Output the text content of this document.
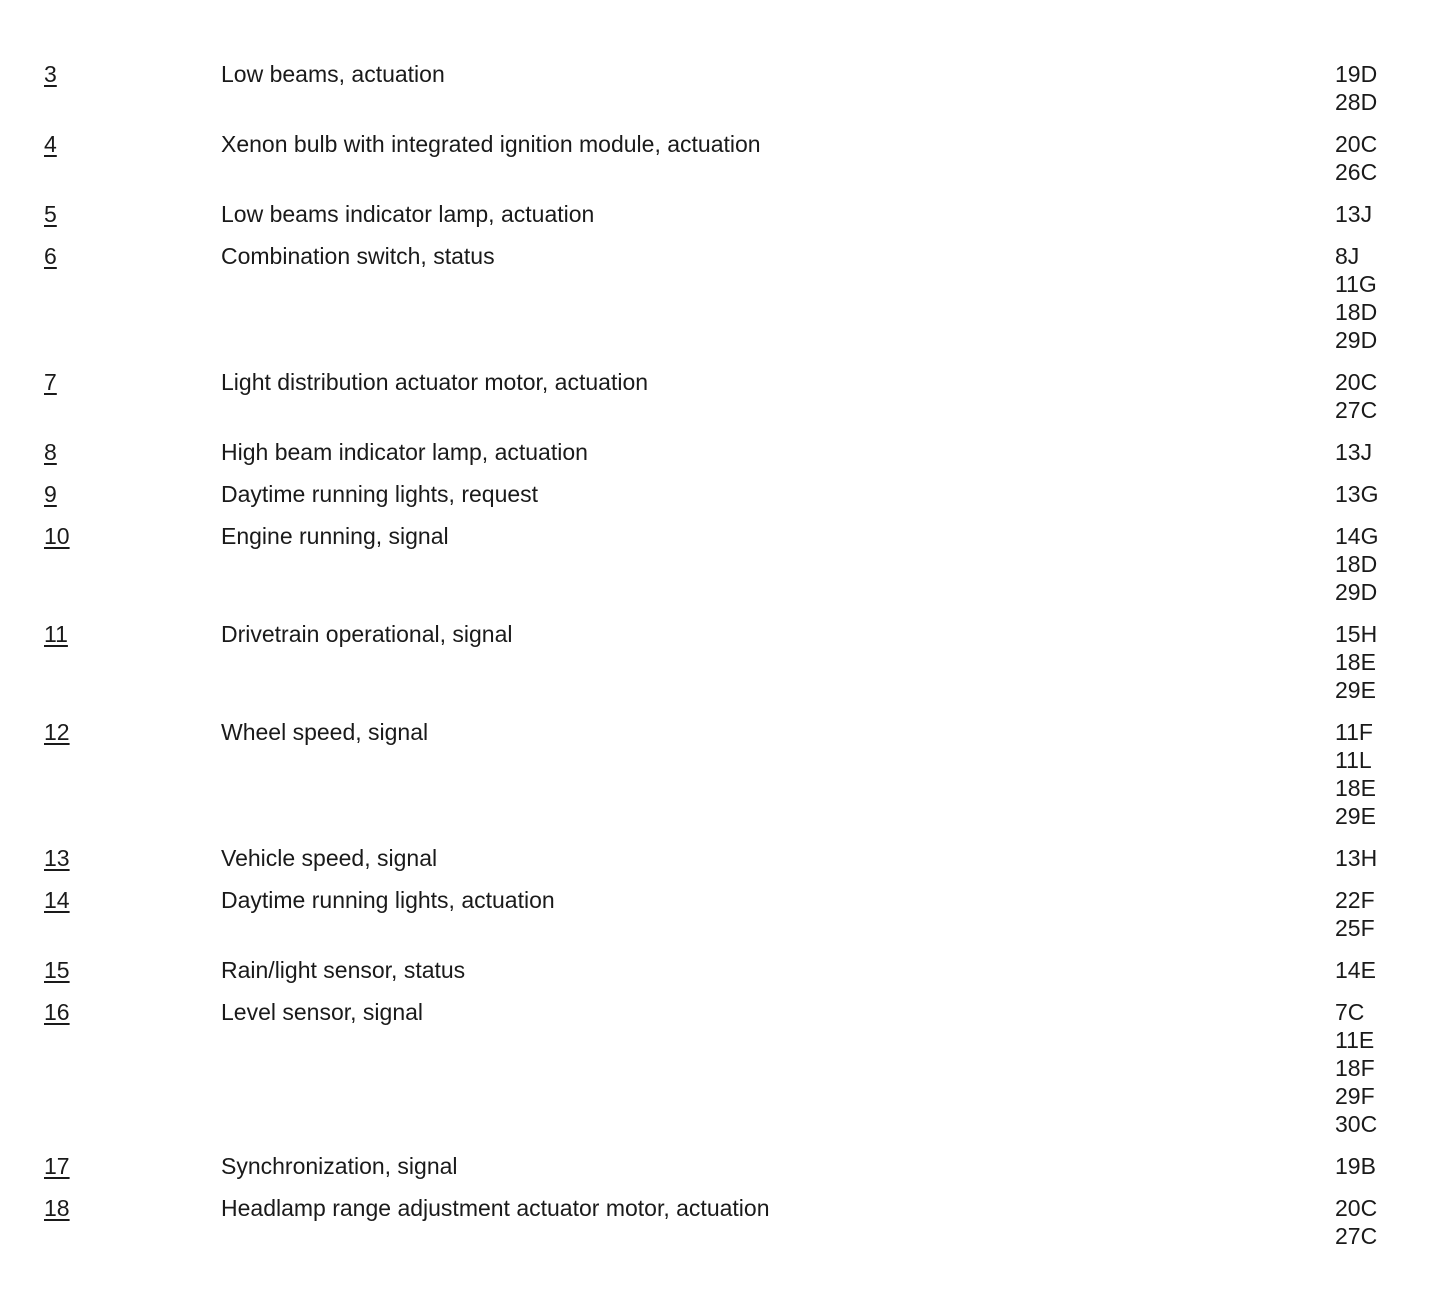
3	Low beams, actuation	19D
28D
4	Xenon bulb with integrated ignition module, actuation	20C
26C
5	Low beams indicator lamp, actuation	13J
6	Combination switch, status	8J
11G
18D
29D
7	Light distribution actuator motor, actuation	20C
27C
8	High beam indicator lamp, actuation	13J
9	Daytime running lights, request	13G
10	Engine running, signal	14G
18D
29D
11	Drivetrain operational, signal	15H
18E
29E
12	Wheel speed, signal	11F
11L
18E
29E
13	Vehicle speed, signal	13H
14	Daytime running lights, actuation	22F
25F
15	Rain/light sensor, status	14E
16	Level sensor, signal	7C
11E
18F
29F
30C
17	Synchronization, signal	19B
18	Headlamp range adjustment actuator motor, actuation	20C
27C
